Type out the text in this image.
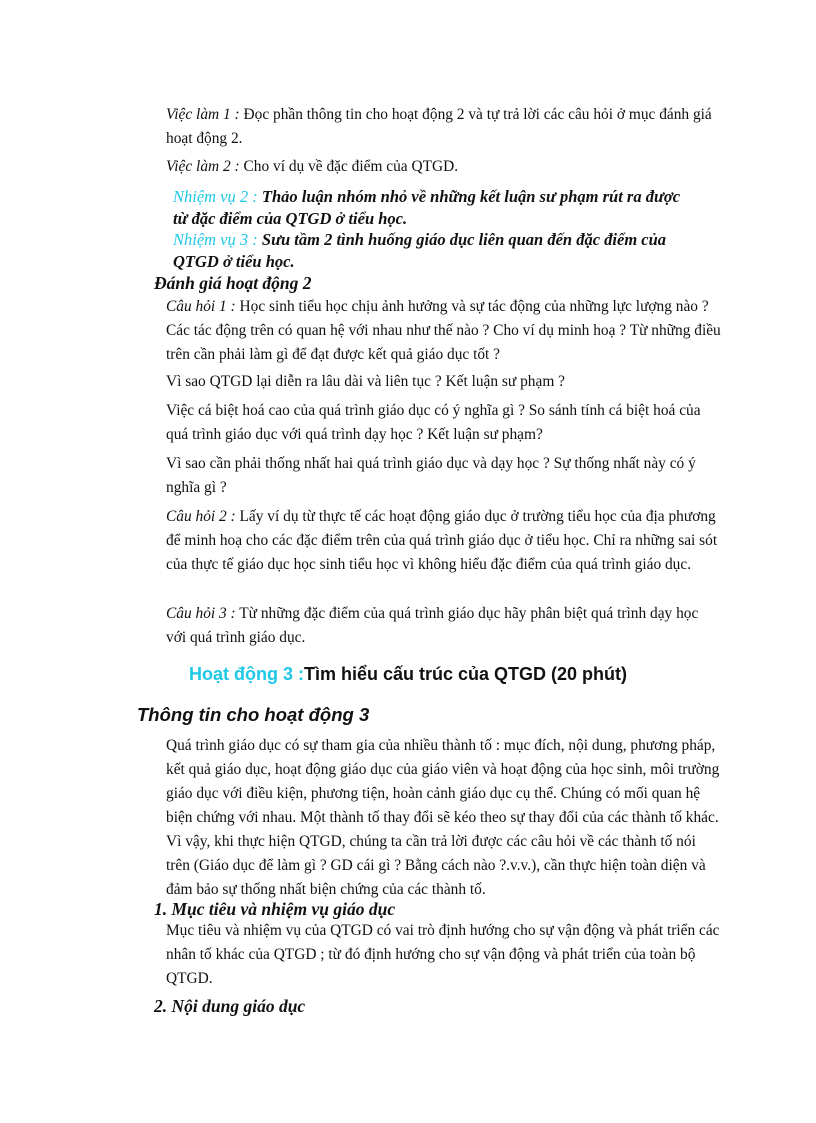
Việc làm 1 : Đọc phần thông tin cho hoạt động 2 và tự trả lời các câu hỏi ở mục đánh giá hoạt động 2.

Việc làm 2 : Cho ví dụ về đặc điểm của QTGD.

Nhiệm vụ 2 : Thảo luận nhóm nhỏ về những kết luận sư phạm rút ra được từ đặc điểm của QTGD ở tiểu học.

Nhiệm vụ 3 : Sưu tầm 2 tình huống giáo dục liên quan đến đặc điểm của QTGD ở tiểu học.

Đánh giá hoạt động 2

Câu hỏi 1 : Học sinh tiểu học chịu ảnh hưởng và sự tác động của những lực lượng nào ? Các tác động trên có quan hệ với nhau như thế nào ? Cho ví dụ minh hoạ ? Từ những điều trên cần phải làm gì để đạt được kết quả giáo dục tốt ?

Vì sao QTGD lại diễn ra lâu dài và liên tục ? Kết luận sư phạm ?

Việc cá biệt hoá cao của quá trình giáo dục có ý nghĩa gì ? So sánh tính cá biệt hoá của quá trình giáo dục với quá trình dạy học ? Kết luận sư phạm?

Vì sao cần phải thống nhất hai quá trình giáo dục và dạy học ? Sự thống nhất này có ý nghĩa gì ?

Câu hỏi 2 : Lấy ví dụ từ thực tế các hoạt động giáo dục ở trường tiểu học của địa phương để minh hoạ cho các đặc điểm trên của quá trình giáo dục ở tiểu học. Chỉ ra những sai sót của thực tế giáo dục học sinh tiểu học vì không hiểu đặc điểm của quá trình giáo dục.

Câu hỏi 3 : Từ những đặc điểm của quá trình giáo dục hãy phân biệt quá trình dạy học với quá trình giáo dục.

Hoạt động 3 :Tìm hiểu cấu trúc của QTGD (20 phút)

Thông tin cho hoạt động 3

Quá trình giáo dục có sự tham gia của nhiều thành tố : mục đích, nội dung, phương pháp, kết quả giáo dục, hoạt động giáo dục của giáo viên và hoạt động của học sinh, môi trường giáo dục với điều kiện, phương tiện, hoàn cảnh giáo dục cụ thể. Chúng có mối quan hệ biện chứng với nhau. Một thành tố thay đổi sẽ kéo theo sự thay đổi của các thành tố khác. Vì vậy, khi thực hiện QTGD, chúng ta cần trả lời được các câu hỏi về các thành tố nói trên (Giáo dục để làm gì ? GD cái gì ? Bằng cách nào ?.v.v.), cần thực hiện toàn diện và đảm bảo sự thống nhất biện chứng của các thành tố.

1. Mục tiêu và nhiệm vụ giáo dục

Mục tiêu và nhiệm vụ của QTGD có vai trò định hướng cho sự vận động và phát triển các nhân tố khác của QTGD ; từ đó định hướng cho sự vận động và phát triển của toàn bộ QTGD.

2. Nội dung giáo dục
